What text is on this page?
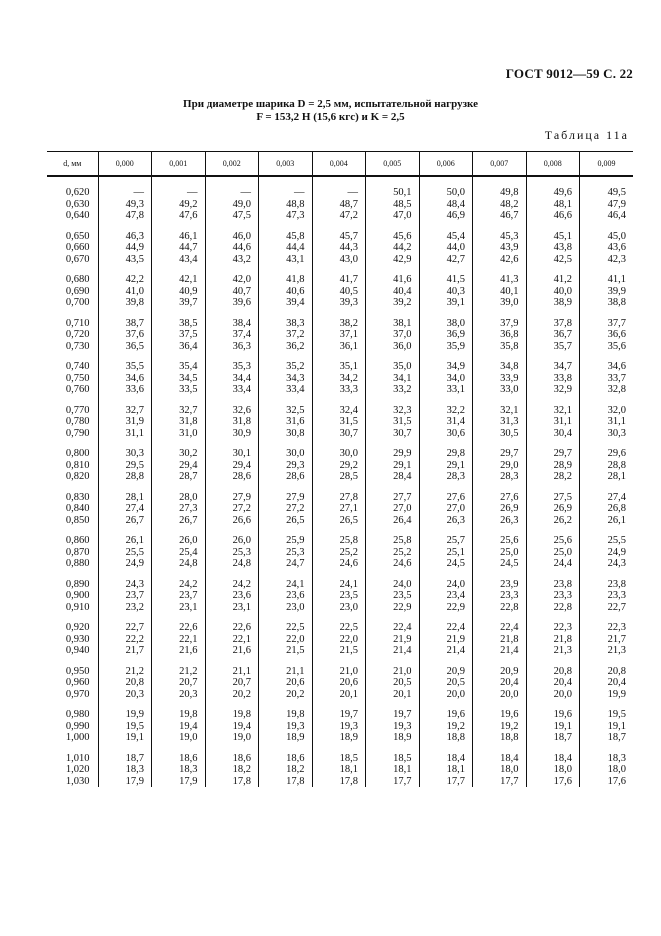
ГОСТ 9012—59 С. 22
При диаметре шарика D = 2,5 мм, испытательной нагрузке
F = 153,2 Н (15,6 кгс) и K = 2,5
Таблица 11а
d, мм	0,000	0,001	0,002	0,003	0,004	0,005	0,006	0,007	0,008	0,009

0,620	—	—	—	—	—	50,1	50,0	49,8	49,6	49,5
0,630	49,3	49,2	49,0	48,8	48,7	48,5	48,4	48,2	48,1	47,9
0,640	47,8	47,6	47,5	47,3	47,2	47,0	46,9	46,7	46,6	46,4

0,650	46,3	46,1	46,0	45,8	45,7	45,6	45,4	45,3	45,1	45,0
0,660	44,9	44,7	44,6	44,4	44,3	44,2	44,0	43,9	43,8	43,6
0,670	43,5	43,4	43,2	43,1	43,0	42,9	42,7	42,6	42,5	42,3

0,680	42,2	42,1	42,0	41,8	41,7	41,6	41,5	41,3	41,2	41,1
0,690	41,0	40,9	40,7	40,6	40,5	40,4	40,3	40,1	40,0	39,9
0,700	39,8	39,7	39,6	39,4	39,3	39,2	39,1	39,0	38,9	38,8

0,710	38,7	38,5	38,4	38,3	38,2	38,1	38,0	37,9	37,8	37,7
0,720	37,6	37,5	37,4	37,2	37,1	37,0	36,9	36,8	36,7	36,6
0,730	36,5	36,4	36,3	36,2	36,1	36,0	35,9	35,8	35,7	35,6

0,740	35,5	35,4	35,3	35,2	35,1	35,0	34,9	34,8	34,7	34,6
0,750	34,6	34,5	34,4	34,3	34,2	34,1	34,0	33,9	33,8	33,7
0,760	33,6	33,5	33,4	33,4	33,3	33,2	33,1	33,0	32,9	32,8

0,770	32,7	32,7	32,6	32,5	32,4	32,3	32,2	32,1	32,1	32,0
0,780	31,9	31,8	31,8	31,6	31,5	31,5	31,4	31,3	31,1	31,1
0,790	31,1	31,0	30,9	30,8	30,7	30,7	30,6	30,5	30,4	30,3

0,800	30,3	30,2	30,1	30,0	30,0	29,9	29,8	29,7	29,7	29,6
0,810	29,5	29,4	29,4	29,3	29,2	29,1	29,1	29,0	28,9	28,8
0,820	28,8	28,7	28,6	28,6	28,5	28,4	28,3	28,3	28,2	28,1

0,830	28,1	28,0	27,9	27,9	27,8	27,7	27,6	27,6	27,5	27,4
0,840	27,4	27,3	27,2	27,2	27,1	27,0	27,0	26,9	26,9	26,8
0,850	26,7	26,7	26,6	26,5	26,5	26,4	26,3	26,3	26,2	26,1

0,860	26,1	26,0	26,0	25,9	25,8	25,8	25,7	25,6	25,6	25,5
0,870	25,5	25,4	25,3	25,3	25,2	25,2	25,1	25,0	25,0	24,9
0,880	24,9	24,8	24,8	24,7	24,6	24,6	24,5	24,5	24,4	24,3

0,890	24,3	24,2	24,2	24,1	24,1	24,0	24,0	23,9	23,8	23,8
0,900	23,7	23,7	23,6	23,6	23,5	23,5	23,4	23,3	23,3	23,3
0,910	23,2	23,1	23,1	23,0	23,0	22,9	22,9	22,8	22,8	22,7

0,920	22,7	22,6	22,6	22,5	22,5	22,4	22,4	22,4	22,3	22,3
0,930	22,2	22,1	22,1	22,0	22,0	21,9	21,9	21,8	21,8	21,7
0,940	21,7	21,6	21,6	21,5	21,5	21,4	21,4	21,4	21,3	21,3

0,950	21,2	21,2	21,1	21,1	21,0	21,0	20,9	20,9	20,8	20,8
0,960	20,8	20,7	20,7	20,6	20,6	20,5	20,5	20,4	20,4	20,4
0,970	20,3	20,3	20,2	20,2	20,1	20,1	20,0	20,0	20,0	19,9

0,980	19,9	19,8	19,8	19,8	19,7	19,7	19,6	19,6	19,6	19,5
0,990	19,5	19,4	19,4	19,3	19,3	19,3	19,2	19,2	19,1	19,1
1,000	19,1	19,0	19,0	18,9	18,9	18,9	18,8	18,8	18,7	18,7

1,010	18,7	18,6	18,6	18,6	18,5	18,5	18,4	18,4	18,4	18,3
1,020	18,3	18,3	18,2	18,2	18,1	18,1	18,1	18,0	18,0	18,0
1,030	17,9	17,9	17,8	17,8	17,8	17,7	17,7	17,7	17,6	17,6
